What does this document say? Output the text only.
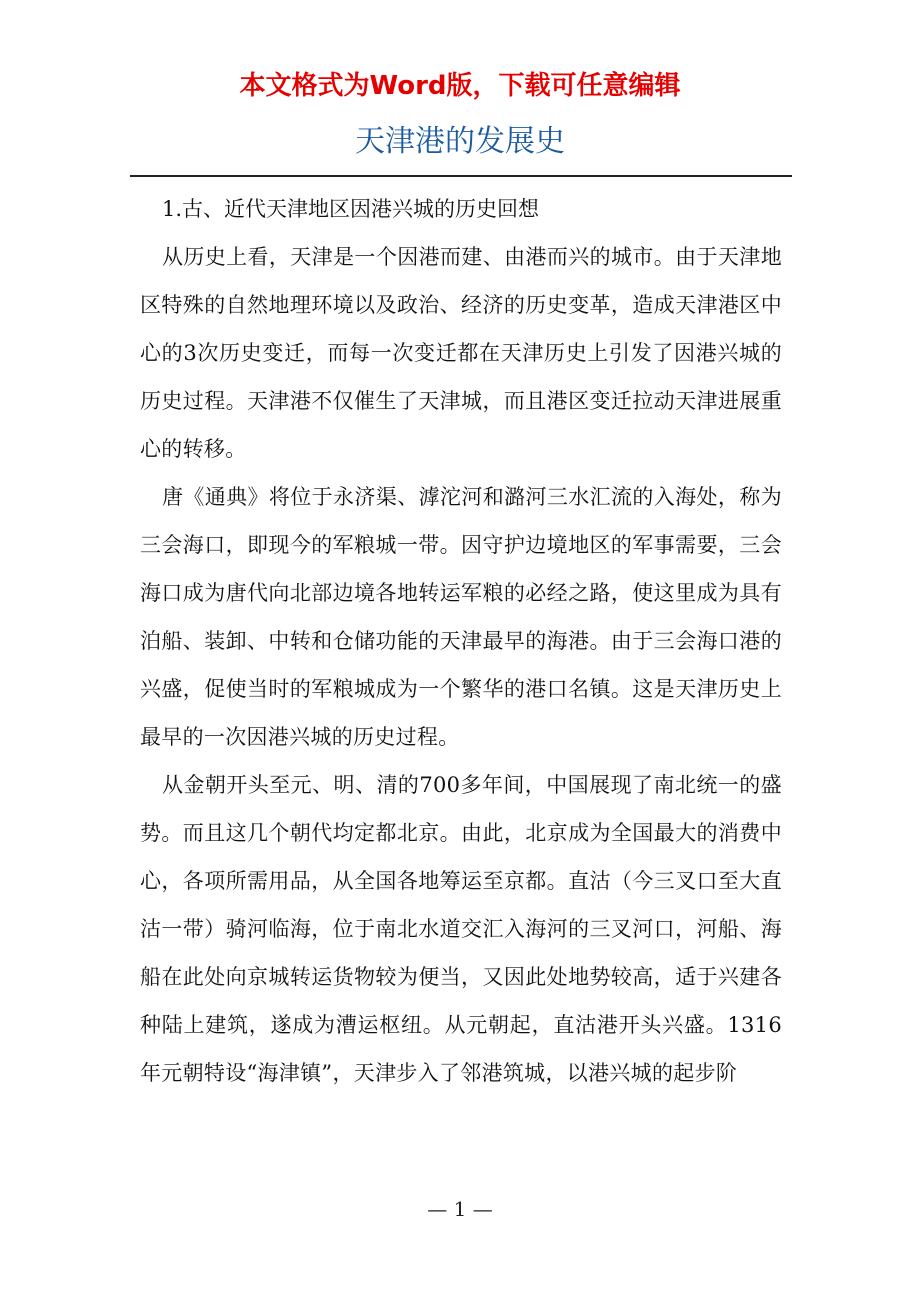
本文格式为Word版，下载可任意编辑
天津港的发展史

1.古、近代天津地区因港兴城的历史回想

从历史上看，天津是一个因港而建、由港而兴的城市。由于天津地区特殊的自然地理环境以及政治、经济的历史变革，造成天津港区中心的3次历史变迁，而每一次变迁都在天津历史上引发了因港兴城的历史过程。天津港不仅催生了天津城，而且港区变迁拉动天津进展重心的转移。

唐《通典》将位于永济渠、滹沱河和潞河三水汇流的入海处，称为三会海口，即现今的军粮城一带。因守护边境地区的军事需要，三会海口成为唐代向北部边境各地转运军粮的必经之路，使这里成为具有泊船、装卸、中转和仓储功能的天津最早的海港。由于三会海口港的兴盛，促使当时的军粮城成为一个繁华的港口名镇。这是天津历史上最早的一次因港兴城的历史过程。

从金朝开头至元、明、清的700多年间，中国展现了南北统一的盛势。而且这几个朝代均定都北京。由此，北京成为全国最大的消费中心，各项所需用品，从全国各地筹运至京都。直沽（今三叉口至大直沽一带）骑河临海，位于南北水道交汇入海河的三叉河口，河船、海船在此处向京城转运货物较为便当，又因此处地势较高，适于兴建各种陆上建筑，遂成为漕运枢纽。从元朝起，直沽港开头兴盛。1316年元朝特设“海津镇”，天津步入了邻港筑城，以港兴城的起步阶

— 1 —
